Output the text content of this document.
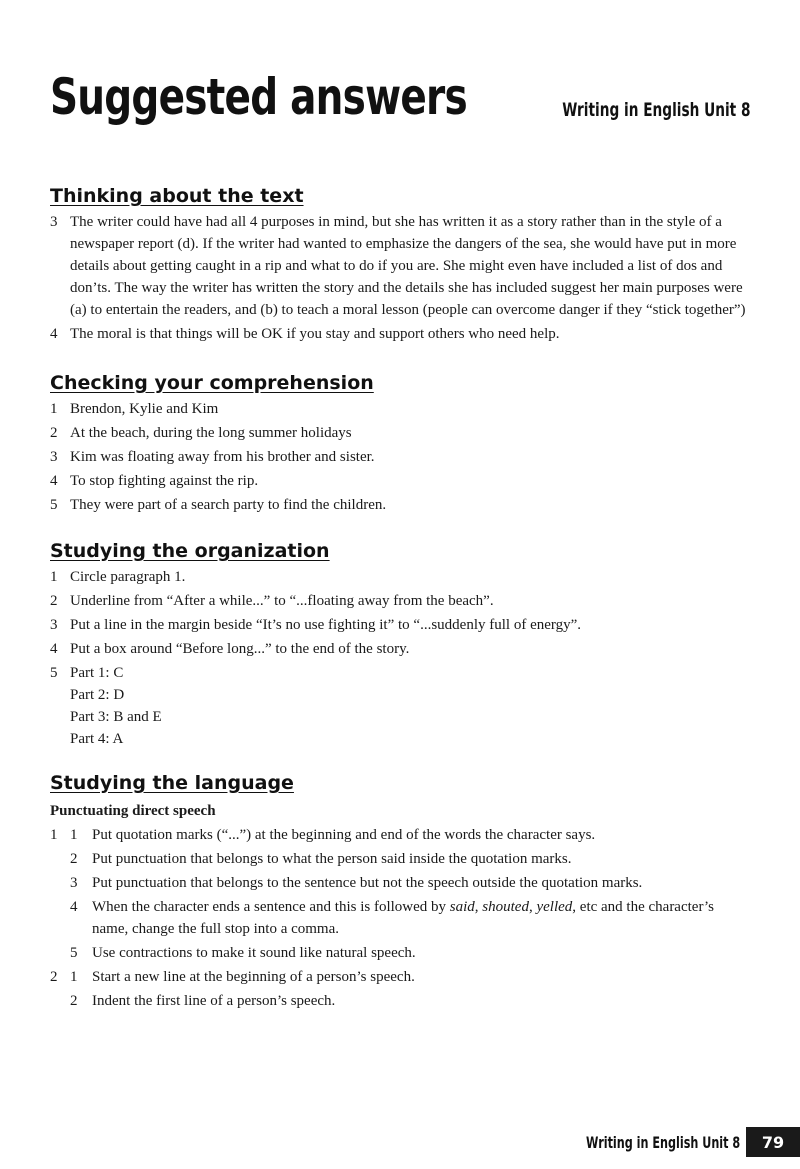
Suggested answers	Writing in English Unit 8
Thinking about the text
3 The writer could have had all 4 purposes in mind, but she has written it as a story rather than in the style of a newspaper report (d). If the writer had wanted to emphasize the dangers of the sea, she would have put in more details about getting caught in a rip and what to do if you are. She might even have included a list of dos and don’ts. The way the writer has written the story and the details she has included suggest her main purposes were (a) to entertain the readers, and (b) to teach a moral lesson (people can overcome danger if they “stick together”)
4 The moral is that things will be OK if you stay and support others who need help.
Checking your comprehension
1 Brendon, Kylie and Kim
2 At the beach, during the long summer holidays
3 Kim was floating away from his brother and sister.
4 To stop fighting against the rip.
5 They were part of a search party to find the children.
Studying the organization
1 Circle paragraph 1.
2 Underline from “After a while...” to “...floating away from the beach”.
3 Put a line in the margin beside “It’s no use fighting it” to “...suddenly full of energy”.
4 Put a box around “Before long...” to the end of the story.
5 Part 1: C
Part 2: D
Part 3: B and E
Part 4: A
Studying the language
Punctuating direct speech
1 1 Put quotation marks (“...”) at the beginning and end of the words the character says.
2 Put punctuation that belongs to what the person said inside the quotation marks.
3 Put punctuation that belongs to the sentence but not the speech outside the quotation marks.
4 When the character ends a sentence and this is followed by said, shouted, yelled, etc and the character’s name, change the full stop into a comma.
5 Use contractions to make it sound like natural speech.
2 1 Start a new line at the beginning of a person’s speech.
2 Indent the first line of a person’s speech.
Writing in English Unit 8	79
